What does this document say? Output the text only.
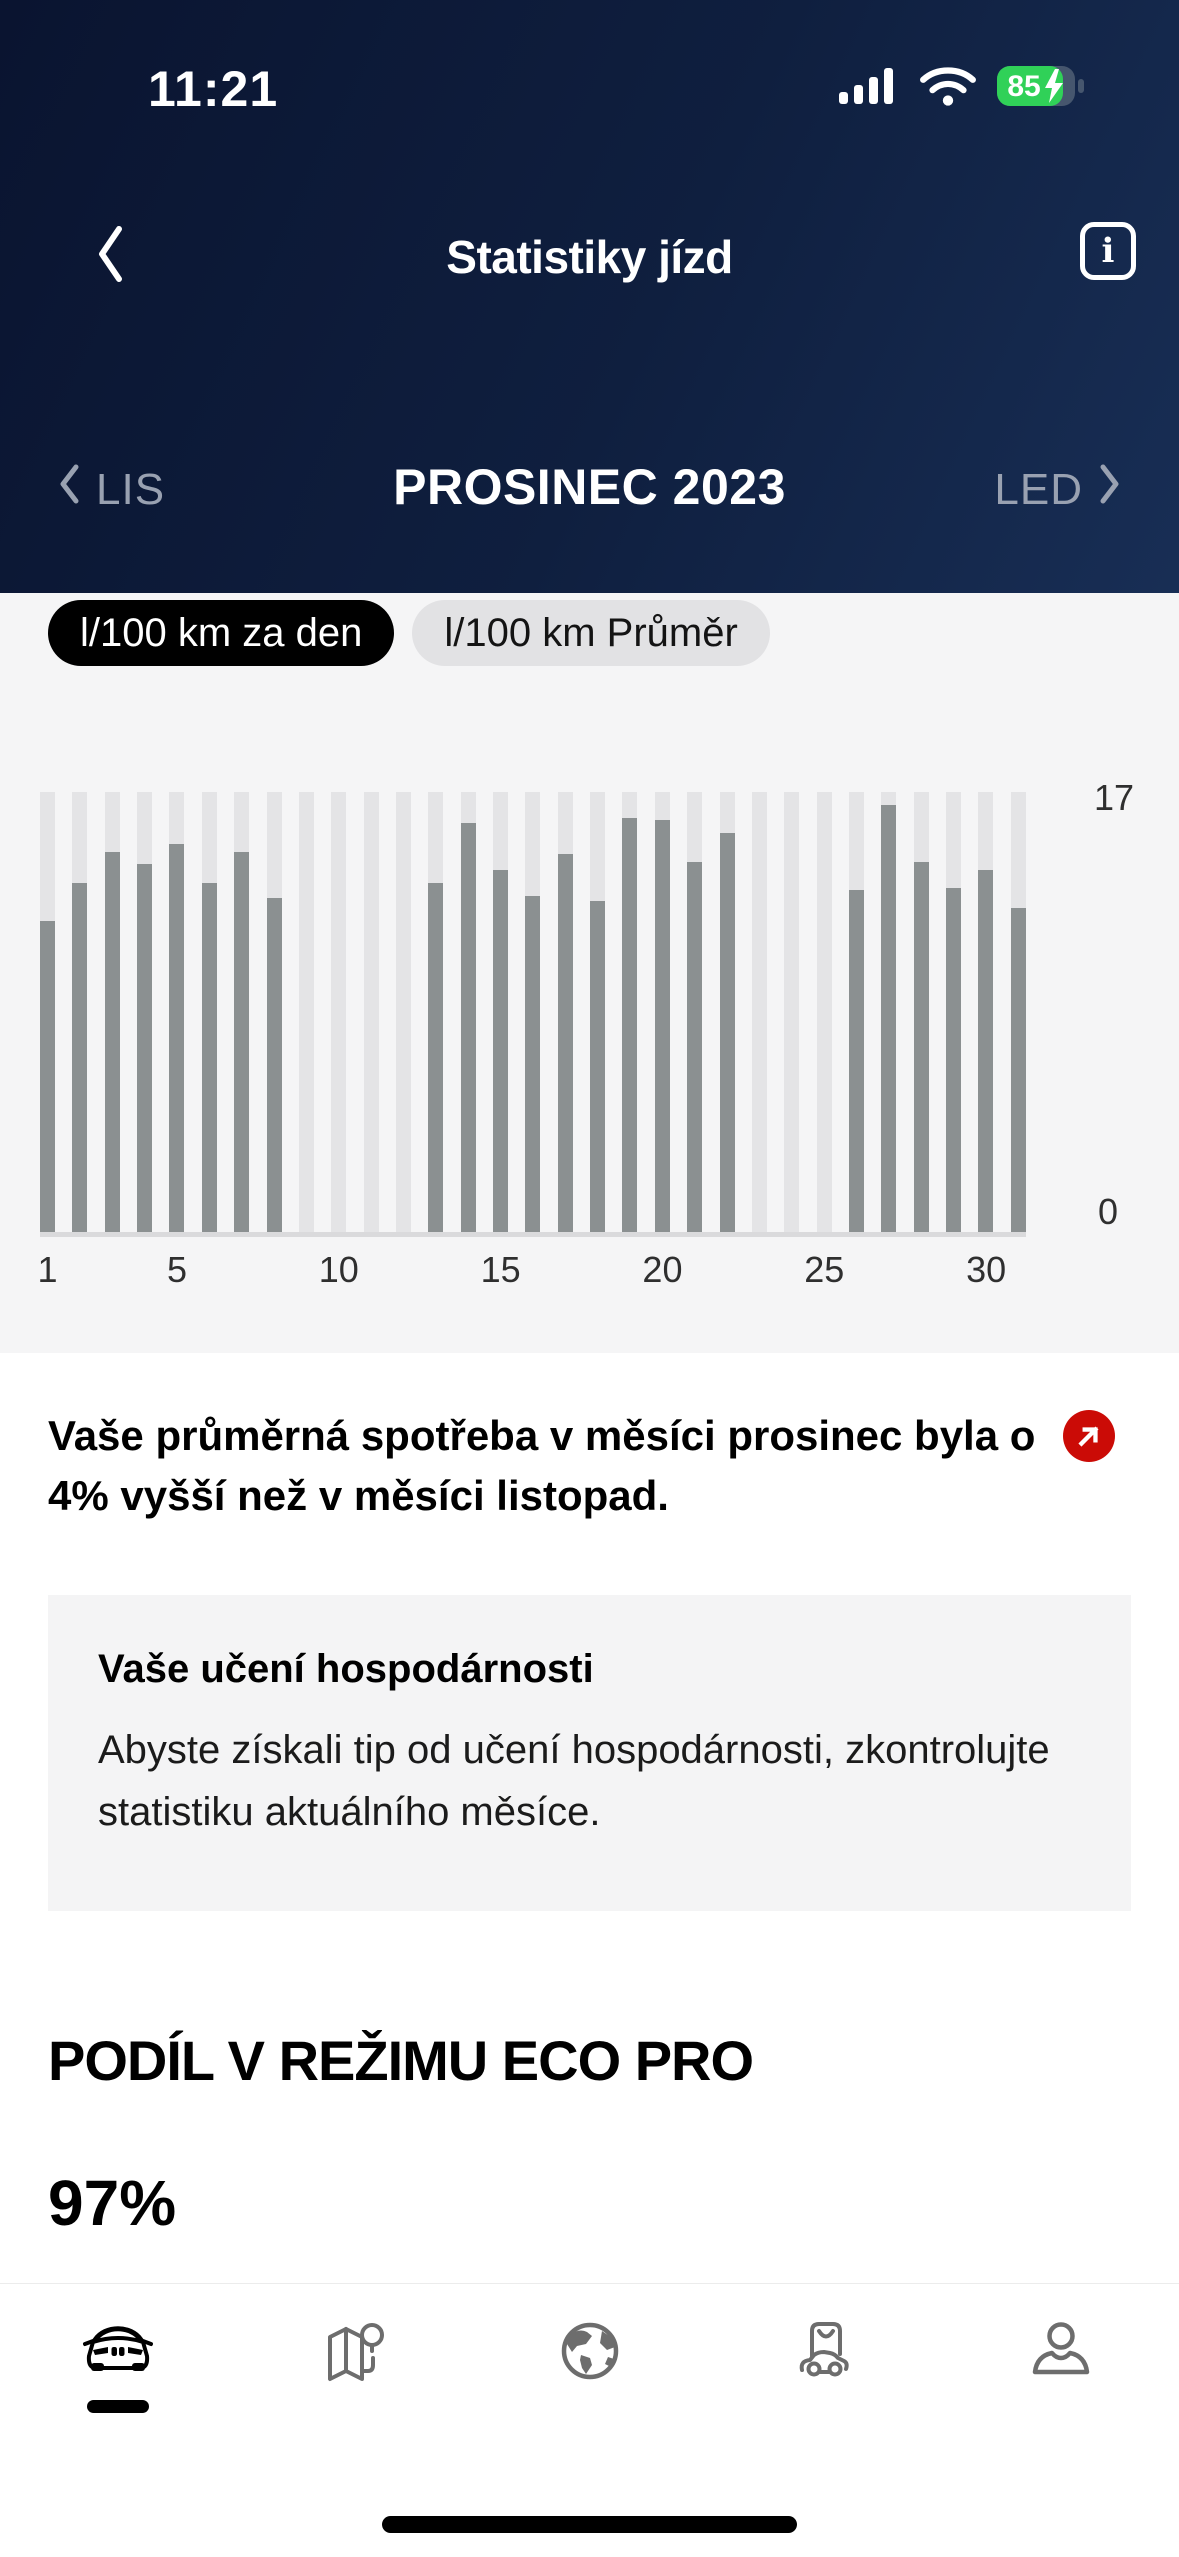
11:21	85
Statistiky jízd	i
LIS	PROSINEC 2023	LED
l/100 km za den	l/100 km Průměr
17
0
1	5	10	15	20	25	30
Vaše průměrná spotřeba v měsíci prosinec byla o
4% vyšší než v měsíci listopad.
Vaše učení hospodárnosti
Abyste získali tip od učení hospodárnosti, zkontrolujte statistiku aktuálního měsíce.
PODÍL V REŽIMU ECO PRO
97%
